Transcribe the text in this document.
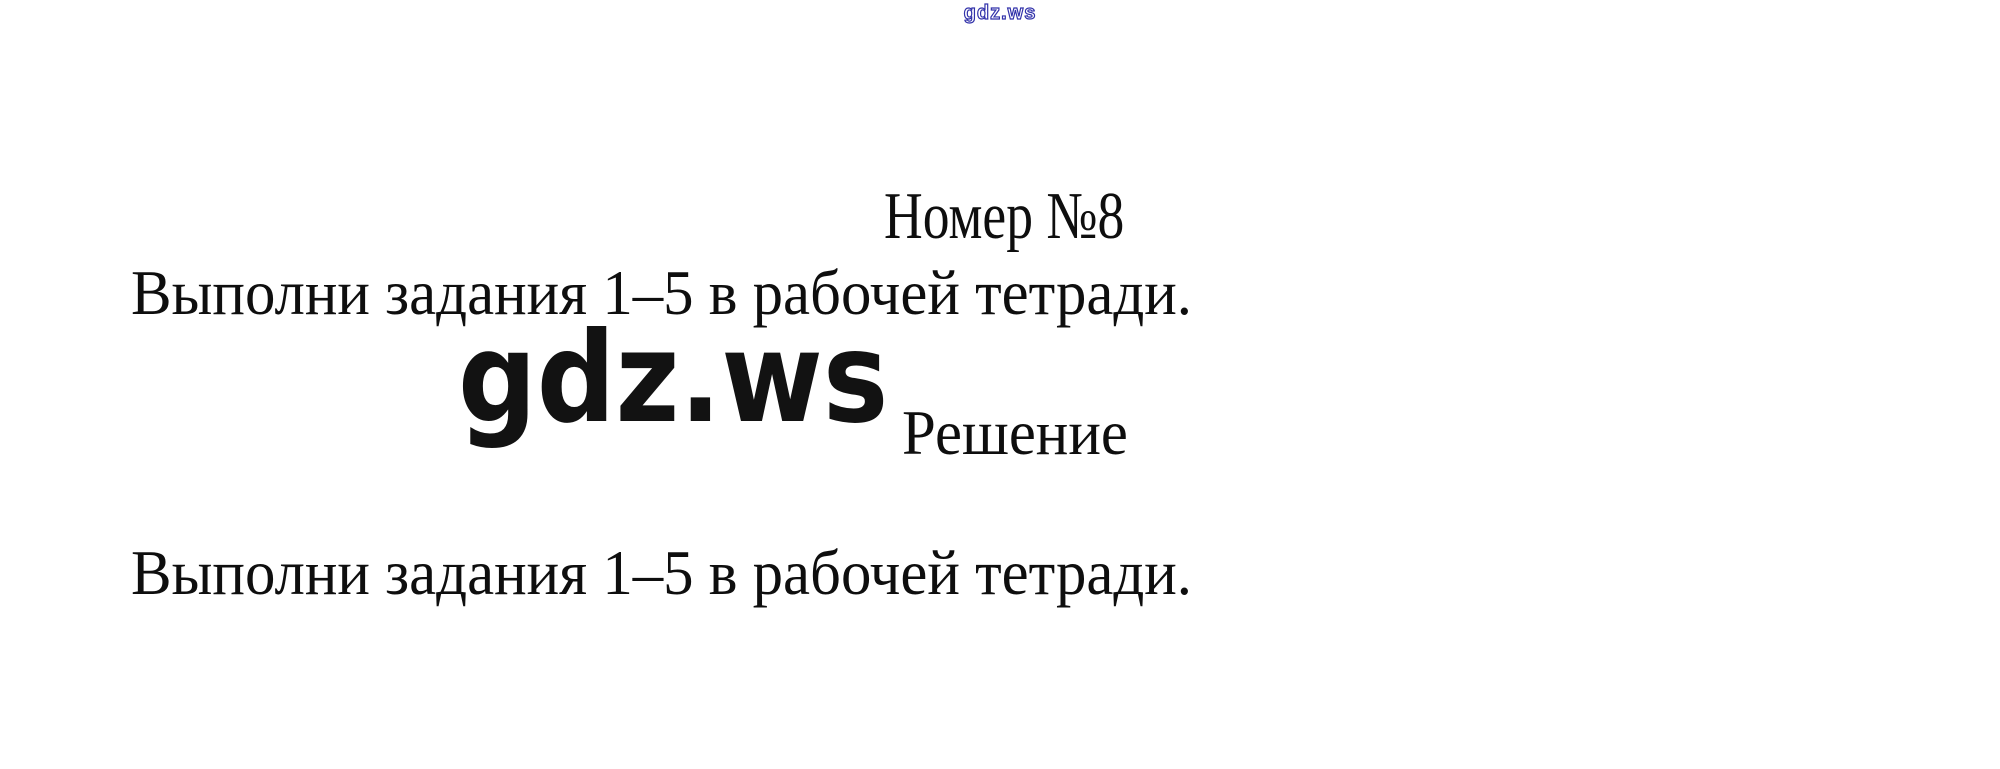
gdz.ws
Номер №8

Выполни задания 1–5 в рабочей тетради.

gdz.ws Решение

Выполни задания 1–5 в рабочей тетради.
